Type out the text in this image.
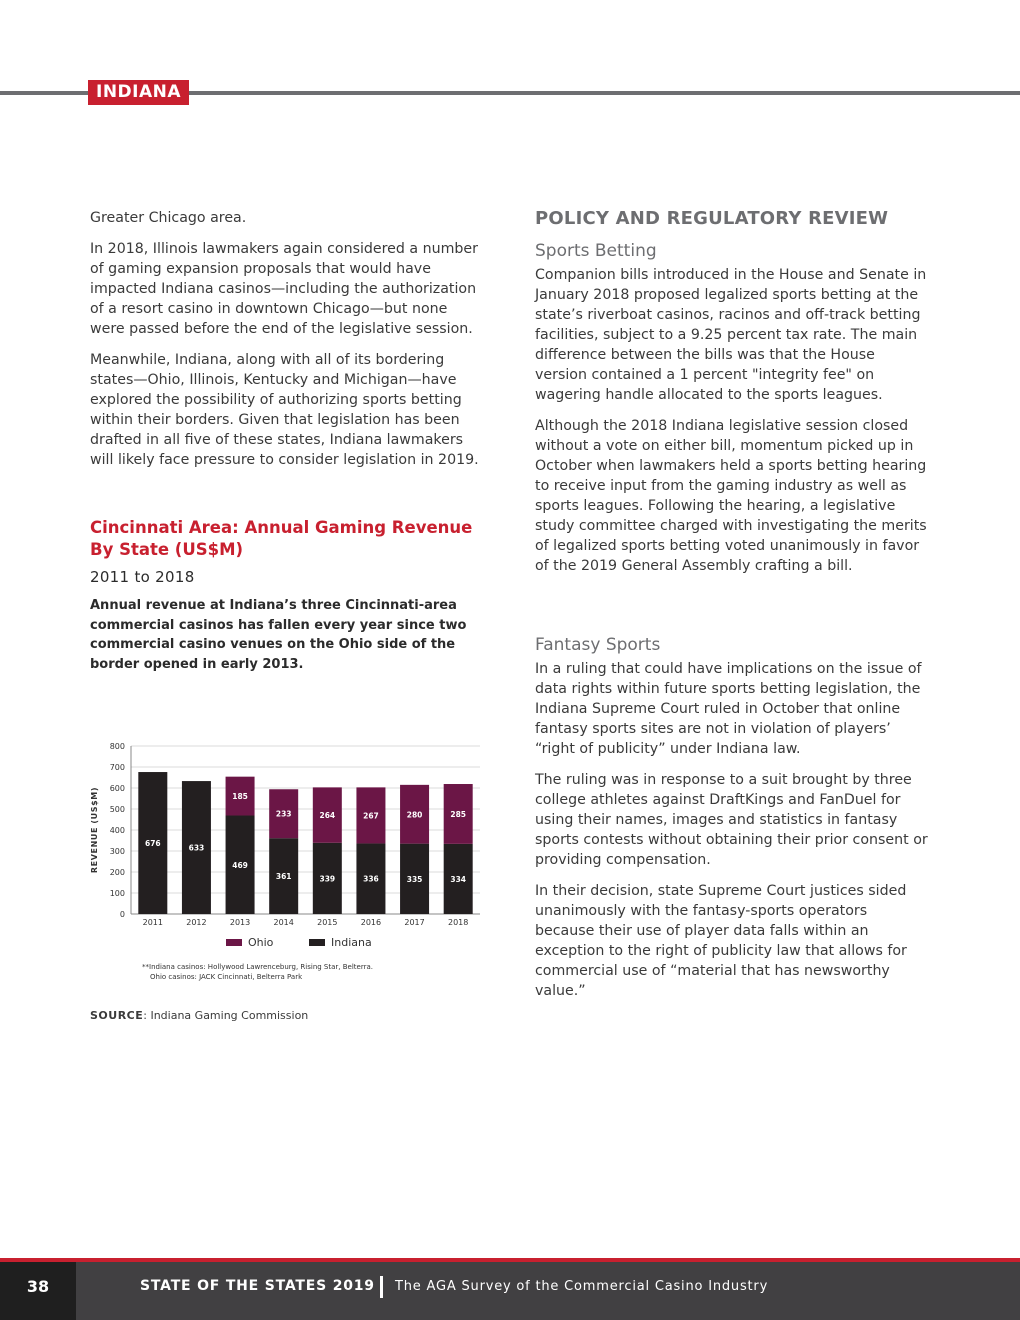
INDIANA

Greater Chicago area.

In 2018, Illinois lawmakers again considered a number of gaming expansion proposals that would have impacted Indiana casinos—including the authorization of a resort casino in downtown Chicago—but none were passed before the end of the legislative session.

Meanwhile, Indiana, along with all of its bordering states—Ohio, Illinois, Kentucky and Michigan—have explored the possibility of authorizing sports betting within their borders. Given that legislation has been drafted in all five of these states, Indiana lawmakers will likely face pressure to consider legislation in 2019.

Cincinnati Area: Annual Gaming Revenue By State (US$M)

2011 to 2018

Annual revenue at Indiana’s three Cincinnati-area commercial casinos has fallen every year since two commercial casino venues on the Ohio side of the border opened in early 2013.

0
100
200
300
400
500
600
700
800
REVENUE (US$M)	676
2011
633
2012
469
185
2013
361
233
2014
339
264
2015
336
267
2016
335
280
2017
334
285
2018
Ohio	Indiana
**Indiana casinos: Hollywood Lawrenceburg, Rising Star, Belterra.
Ohio casinos: JACK Cincinnati, Belterra Park
SOURCE: Indiana Gaming Commission
POLICY AND REGULATORY REVIEW
Sports Betting

Companion bills introduced in the House and Senate in January 2018 proposed legalized sports betting at the state’s riverboat casinos, racinos and off-track betting facilities, subject to a 9.25 percent tax rate. The main difference between the bills was that the House version contained a 1 percent "integrity fee" on wagering handle allocated to the sports leagues.

Although the 2018 Indiana legislative session closed without a vote on either bill, momentum picked up in October when lawmakers held a sports betting hearing to receive input from the gaming industry as well as sports leagues. Following the hearing, a legislative study committee charged with investigating the merits of legalized sports betting voted unanimously in favor of the 2019 General Assembly crafting a bill.

Fantasy Sports

In a ruling that could have implications on the issue of data rights within future sports betting legislation, the Indiana Supreme Court ruled in October that online fantasy sports sites are not in violation of players’ “right of publicity” under Indiana law.

The ruling was in response to a suit brought by three college athletes against DraftKings and FanDuel for using their names, images and statistics in fantasy sports contests without obtaining their prior consent or providing compensation.

In their decision, state Supreme Court justices sided unanimously with the fantasy-sports operators because their use of player data falls within an exception to the right of publicity law that allows for commercial use of “material that has newsworthy value.”

38	STATE OF THE STATES 2019 The AGA Survey of the Commercial Casino Industry
